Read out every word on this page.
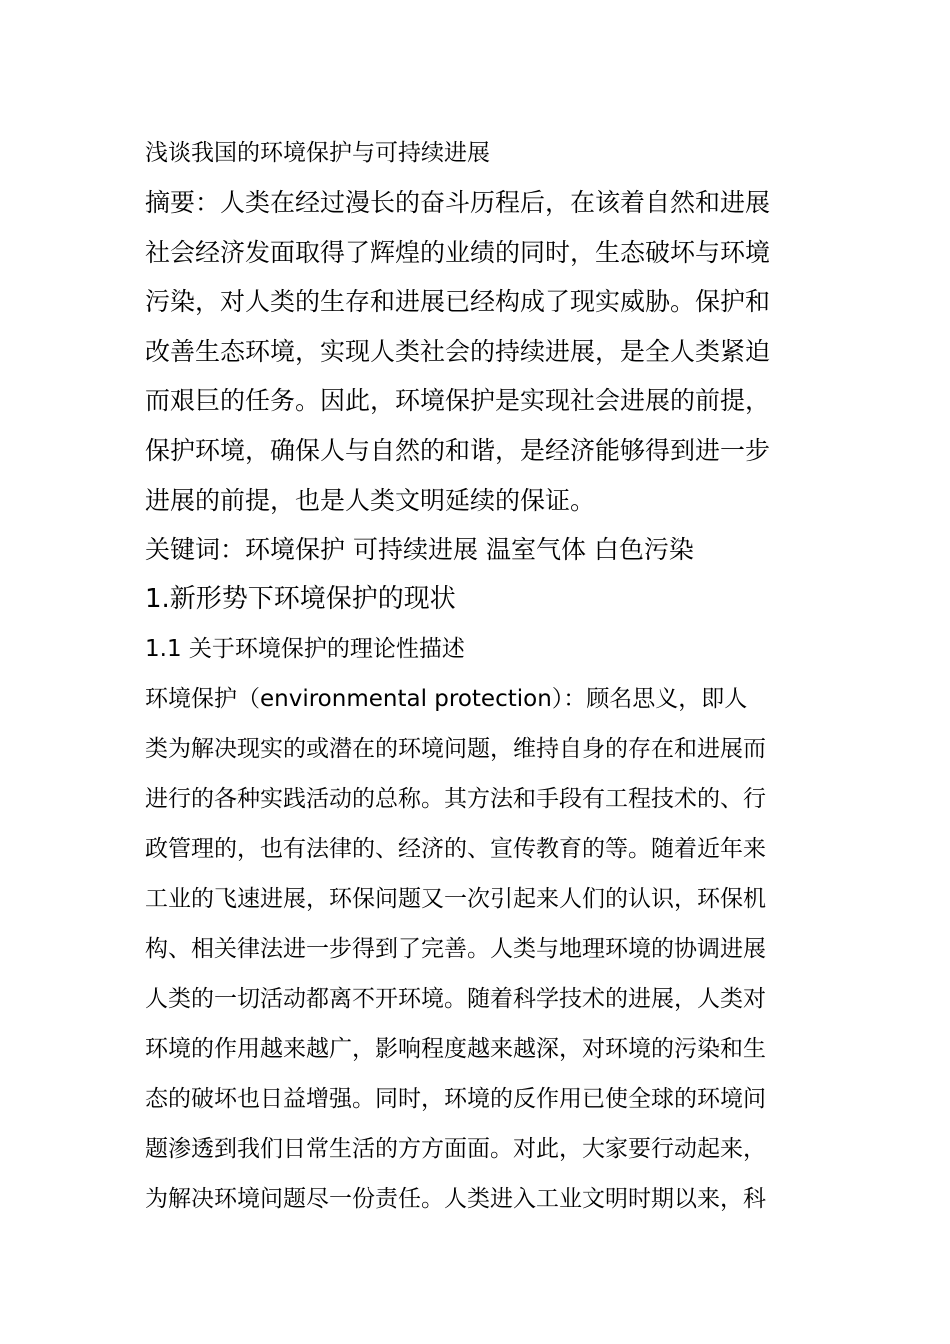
浅谈我国的环境保护与可持续进展
摘要：人类在经过漫长的奋斗历程后，在该着自然和进展
社会经济发面取得了辉煌的业绩的同时，生态破坏与环境
污染，对人类的生存和进展已经构成了现实威胁。保护和
改善生态环境，实现人类社会的持续进展，是全人类紧迫
而艰巨的任务。因此，环境保护是实现社会进展的前提，
保护环境，确保人与自然的和谐，是经济能够得到进一步
进展的前提，也是人类文明延续的保证。
关键词：环境保护 可持续进展 温室气体 白色污染
1.新形势下环境保护的现状
1.1 关于环境保护的理论性描述
环境保护（environmental protection）：顾名思义，即人
类为解决现实的或潜在的环境问题，维持自身的存在和进展而
进行的各种实践活动的总称。其方法和手段有工程技术的、行
政管理的，也有法律的、经济的、宣传教育的等。随着近年来
工业的飞速进展，环保问题又一次引起来人们的认识，环保机
构、相关律法进一步得到了完善。人类与地理环境的协调进展
人类的一切活动都离不开环境。随着科学技术的进展，人类对
环境的作用越来越广，影响程度越来越深，对环境的污染和生
态的破坏也日益增强。同时，环境的反作用已使全球的环境问
题渗透到我们日常生活的方方面面。对此，大家要行动起来，
为解决环境问题尽一份责任。人类进入工业文明时期以来，科
